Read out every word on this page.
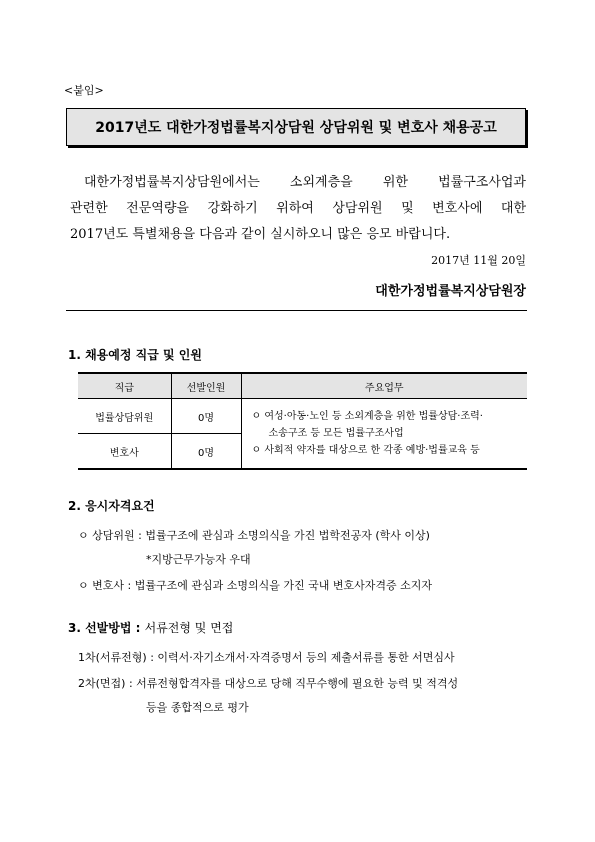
<붙임>
2017년도 대한가정법률복지상담원 상담위원 및 변호사 채용공고
대한가정법률복지상담원에서는 소외계층을 위한 법률구조사업과
관련한 전문역량을 강화하기 위하여 상담위원 및 변호사에 대한
2017년도 특별채용을 다음과 같이 실시하오니 많은 응모 바랍니다.
2017년 11월 20일
대한가정법률복지상담원장
1. 채용예정 직급 및 인원
직급	선발인원	주요업무
법률상담위원	0명	ㅇ 여성·아동·노인 등 소외계층을 위한 법률상담·조력·
소송구조 등 모든 법률구조사업
ㅇ 사회적 약자를 대상으로 한 각종 예방·법률교육 등

변호사	0명	
2. 응시자격요건
ㅇ 상담위원 : 법률구조에 관심과 소명의식을 가진 법학전공자 (학사 이상)
*지방근무가능자 우대
ㅇ 변호사 : 법률구조에 관심과 소명의식을 가진 국내 변호사자격증 소지자
3. 선발방법 : 서류전형 및 면접
1차(서류전형) : 이력서·자기소개서·자격증명서 등의 제출서류를 통한 서면심사
2차(면접) : 서류전형합격자를 대상으로 당해 직무수행에 필요한 능력 및 적격성
등을 종합적으로 평가
